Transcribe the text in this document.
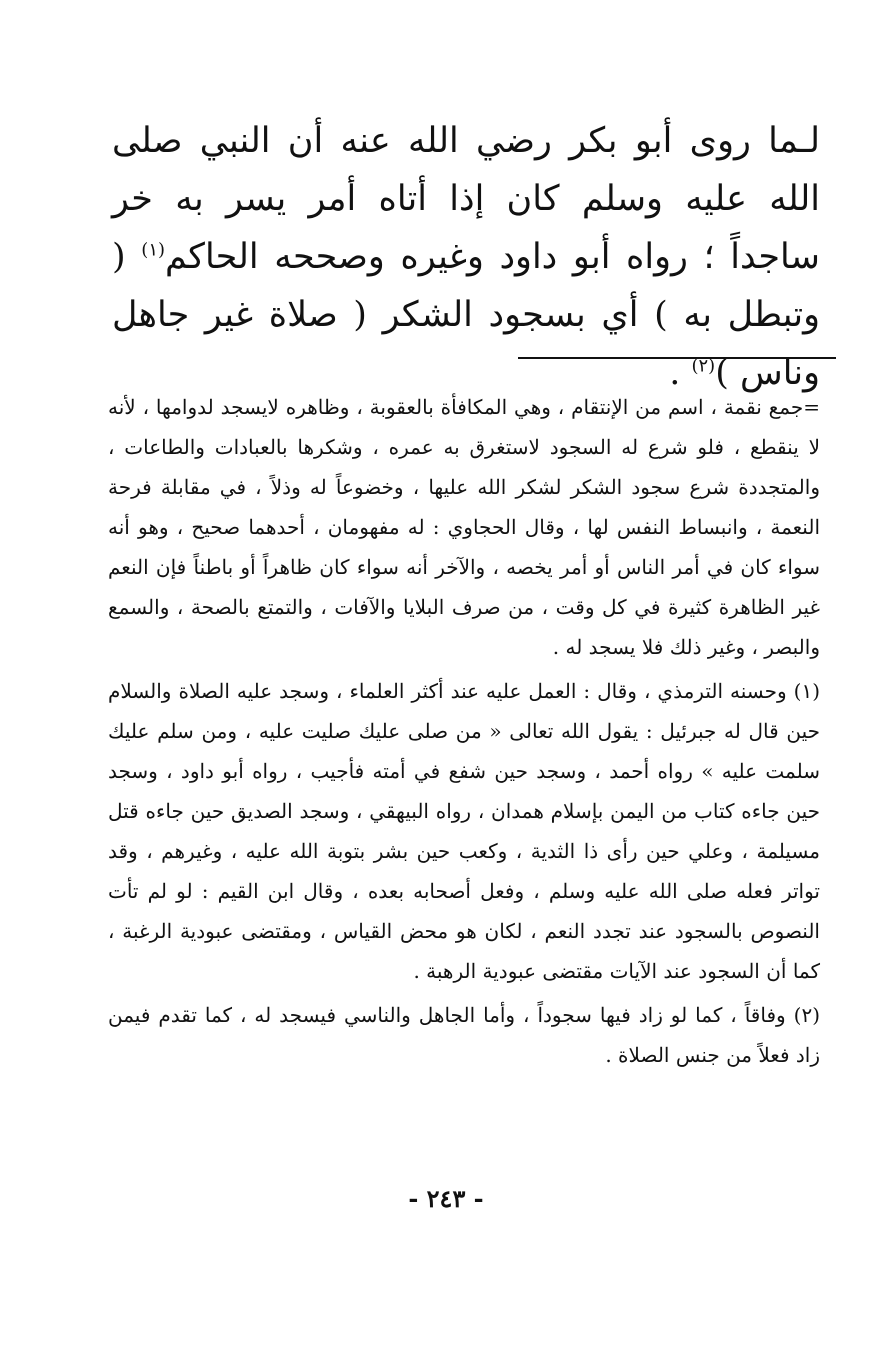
لـما روى أبو بكر رضي الله عنه أن النبي صلى الله عليه وسلم كان إذا أتاه أمر يسر به خر ساجداً ؛ رواه أبو داود وغيره وصححه الحاكم$^{(١)}$ ( وتبطل به ) أي بسجود الشكر ( صلاة غير جاهل وناس )$^{(٢)}$ .

=جمع نقمة ، اسم من الإنتقام ، وهي المكافأة بالعقوبة ، وظاهره لايسجد لدوامها ، لأنه لا ينقطع ، فلو شرع له السجود لاستغرق به عمره ، وشكرها بالعبادات والطاعات ، والمتجددة شرع سجود الشكر لشكر الله عليها ، وخضوعاً له وذلاً ، في مقابلة فرحة النعمة ، وانبساط النفس لها ، وقال الحجاوي : له مفهومان ، أحدهما صحيح ، وهو أنه سواء كان في أمر الناس أو أمر يخصه ، والآخر أنه سواء كان ظاهراً أو باطناً فإن النعم غير الظاهرة كثيرة في كل وقت ، من صرف البلايا والآفات ، والتمتع بالصحة ، والسمع والبصر ، وغير ذلك فلا يسجد له .

(١) وحسنه الترمذي ، وقال : العمل عليه عند أكثر العلماء ، وسجد عليه الصلاة والسلام حين قال له جبرئيل : يقول الله تعالى « من صلى عليك صليت عليه ، ومن سلم عليك سلمت عليه » رواه أحمد ، وسجد حين شفع في أمته فأجيب ، رواه أبو داود ، وسجد حين جاءه كتاب من اليمن بإسلام همدان ، رواه البيهقي ، وسجد الصديق حين جاءه قتل مسيلمة ، وعلي حين رأى ذا الثدية ، وكعب حين بشر بتوبة الله عليه ، وغيرهم ، وقد تواتر فعله صلى الله عليه وسلم ، وفعل أصحابه بعده ، وقال ابن القيم : لو لم تأت النصوص بالسجود عند تجدد النعم ، لكان هو محض القياس ، ومقتضى عبودية الرغبة ، كما أن السجود عند الآيات مقتضى عبودية الرهبة .

(٢) وفاقاً ، كما لو زاد فيها سجوداً ، وأما الجاهل والناسي فيسجد له ، كما تقدم فيمن زاد فعلاً من جنس الصلاة .

- ٢٤٣ -
